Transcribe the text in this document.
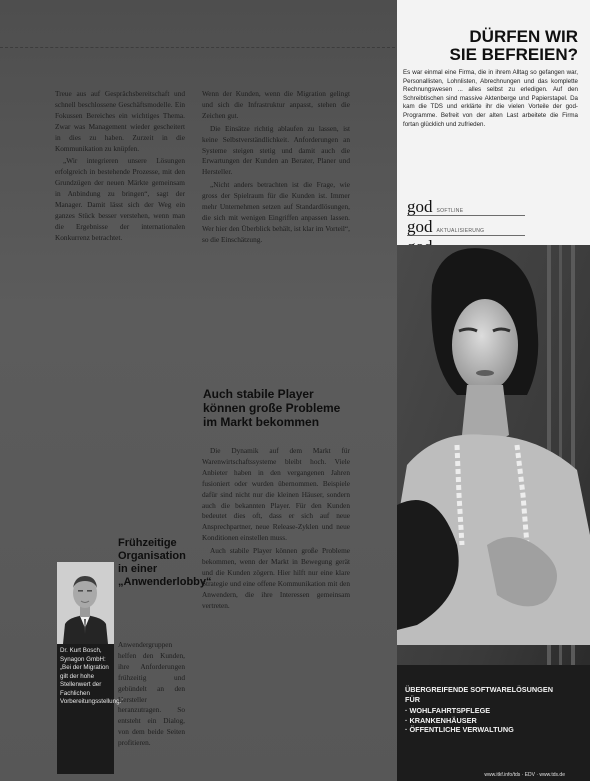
Treue aus auf Gesprächsbereitschaft und schnell beschlossene Geschäftsmodelle. Ein Fokussen Bereiches ein wichtiges Thema. Zwar was Management wieder gescheitert in dies zu haben. Zurzeit in die Kommunikation zu knüpfen.

„Wir integrieren unsere Lösungen erfolgreich in bestehende Prozesse, mit den Grundzügen der neuen Märkte gemeinsam in Anbindung zu bringen“, sagt der Manager. Damit lässt sich der Weg ein ganzes Stück besser verstehen, wenn man die Ergebnisse der internationalen Konkurrenz betrachtet.

Wenn der Kunden, wenn die Migration gelingt und sich die Infrastruktur anpasst, stehen die Zeichen gut.

Die Einsätze richtig ablaufen zu lassen, ist keine Selbstverständlichkeit. Anforderungen an Systeme steigen stetig und damit auch die Erwartungen der Kunden an Berater, Planer und Hersteller.

„Nicht anders betrachten ist die Frage, wie gross der Spielraum für die Kunden ist. Immer mehr Unternehmen setzen auf Standardlösungen, die sich mit wenigen Eingriffen anpassen lassen. Wer hier den Überblick behält, ist klar im Vorteil“, so die Einschätzung.

Auch stabile Player können große Probleme im Markt bekommen

Die Dynamik auf dem Markt für Warenwirtschaftssysteme bleibt hoch. Viele Anbieter haben in den vergangenen Jahren fusioniert oder wurden übernommen. Beispiele dafür sind nicht nur die kleinen Häuser, sondern auch die bekannten Player. Für den Kunden bedeutet dies oft, dass er sich auf neue Ansprechpartner, neue Release-Zyklen und neue Konditionen einstellen muss.

Auch stabile Player können große Probleme bekommen, wenn der Markt in Bewegung gerät und die Kunden zögern. Hier hilft nur eine klare Strategie und eine offene Kommunikation mit den Anwendern, die ihre Interessen gemeinsam vertreten.

Frühzeitige Organisation in einer „Anwenderlobby“

Dr. Kurt Bosch, Synagon GmbH: „Bei der Migration gilt der hohe Stellenwert der Fachlichen Vorbereitungsstellung.“

Anwendergruppen helfen den Kunden, ihre Anforderungen frühzeitig und gebündelt an den Hersteller heranzutragen. So entsteht ein Dialog, von dem beide Seiten profitieren.

DÜRFEN WIR
SIE BEFREIEN?

Es war einmal eine Firma, die in ihrem Alltag so gefangen war, Personallisten, Lohnlisten, Abrechnungen und das komplette Rechnungswesen ... alles selbst zu erledigen. Auf den Schreibtischen sind massive Aktenberge und Papierstapel. Da kam die TDS und erklärte ihr die vielen Vorteile der god-Programme. Befreit von der alten Last arbeitete die Firma fortan glücklich und zufrieden.

god SOFTLINE
god AKTUALISIERUNG

ÜBERGREIFENDE SOFTWARELÖSUNGEN FÜR

· WOHLFAHRTSPFLEGE
· KRANKENHÄUSER
· ÖFFENTLICHE VERWALTUNG

www.itkf.info/tds · EDV · www.tds.de
